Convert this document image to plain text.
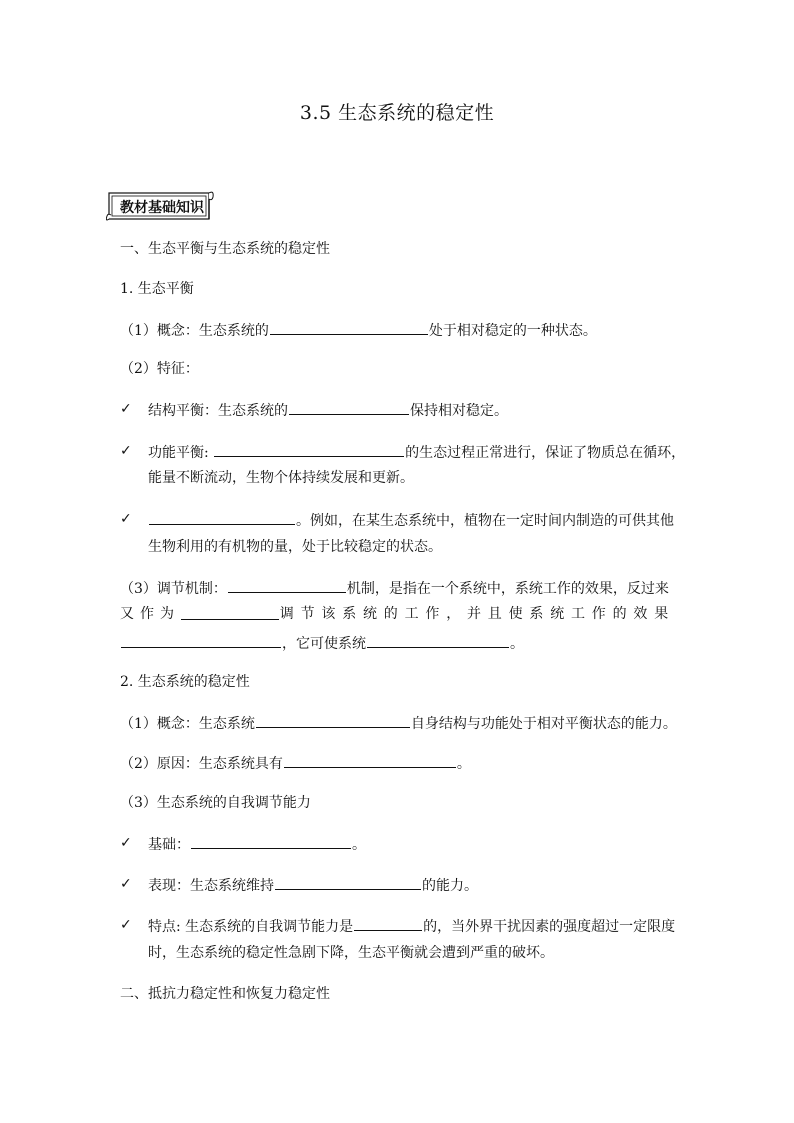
3.5 生态系统的稳定性
教材基础知识
一、生态平衡与生态系统的稳定性
1. 生态平衡
（1）概念：生态系统的	处于相对稳定的一种状态。
（2）特征：
✓ 结构平衡：生态系统的	保持相对稳定。
✓ 功能平衡:	的生态过程正常进行，保证了物质总在循环，
能量不断流动，生物个体持续发展和更新。
✓	。例如，在某生态系统中，植物在一定时间内制造的可供其他
生物利用的有机物的量，处于比较稳定的状态。
（3）调节机制：	机制，是指在一个系统中，系统工作的效果，反过来
又作为	调节该系统的工作，并且使系统工作的效果
，它可使系统	。
2. 生态系统的稳定性
（1）概念：生态系统	自身结构与功能处于相对平衡状态的能力。
（2）原因：生态系统具有	。
（3）生态系统的自我调节能力
✓ 基础：	。
✓ 表现：生态系统维持	的能力。
✓ 特点: 生态系统的自我调节能力是	的，当外界干扰因素的强度超过一定限度
时，生态系统的稳定性急剧下降，生态平衡就会遭到严重的破坏。
二、抵抗力稳定性和恢复力稳定性
